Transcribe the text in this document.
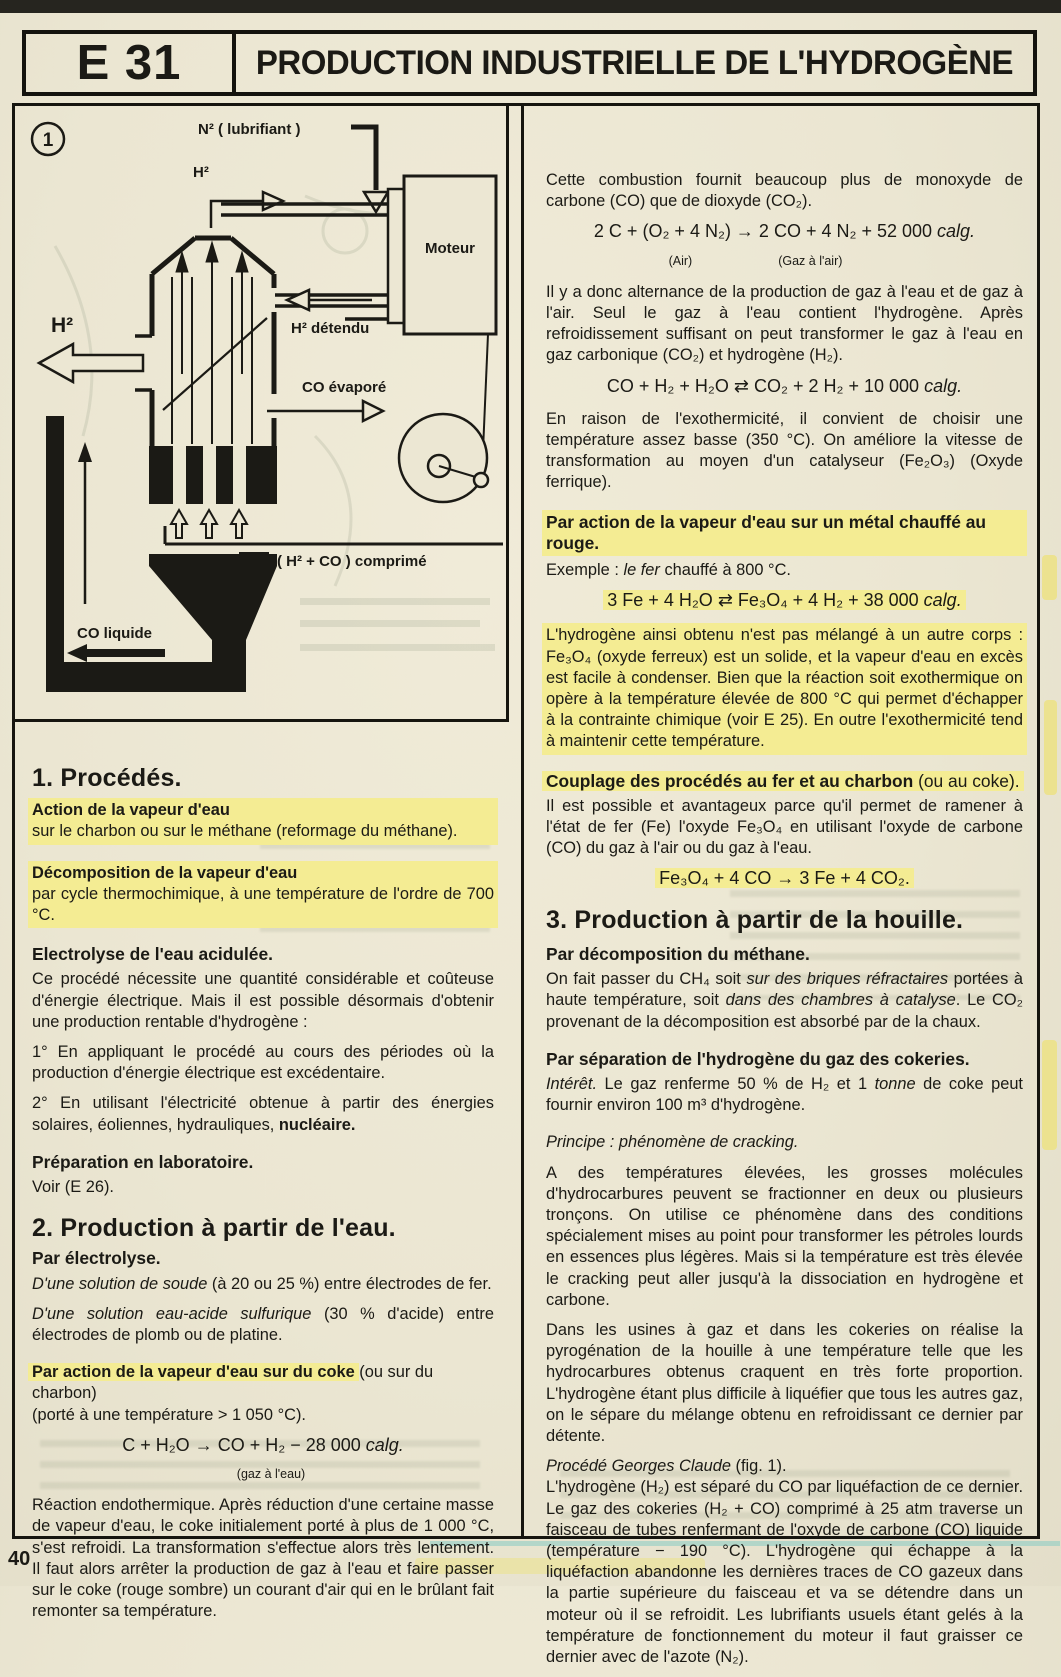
E 31	PRODUCTION INDUSTRIELLE DE L'HYDROGÈNE
1
N² ( lubrifiant )
H²
H²	H² détendu
CO évaporé
( H² + CO ) comprimé
CO liquide
Moteur
1. Procédés.
Action de la vapeur d'eau
sur le charbon ou sur le méthane (reformage du méthane).
Décomposition de la vapeur d'eau
par cycle thermochimique, à une température de l'ordre de 700 °C.
Electrolyse de l'eau acidulée.
Ce procédé nécessite une quantité considérable et coûteuse d'énergie électrique. Mais il est possible désormais d'obtenir une production rentable d'hydrogène :
1° En appliquant le procédé au cours des périodes où la production d'énergie électrique est excédentaire.
2° En utilisant l'électricité obtenue à partir des énergies solaires, éoliennes, hydrauliques, nucléaire.
Préparation en laboratoire.
Voir (E 26).
2. Production à partir de l'eau.
Par électrolyse.
D'une solution de soude (à 20 ou 25 %) entre électrodes de fer.
D'une solution eau-acide sulfurique (30 % d'acide) entre électrodes de plomb ou de platine.
Par action de la vapeur d'eau sur du coke (ou sur du charbon)
(porté à une température > 1 050 °C).
C + H₂O → CO + H₂ − 28 000 calg.
(gaz à l'eau)
Réaction endothermique. Après réduction d'une certaine masse de vapeur d'eau, le coke initialement porté à plus de 1 000 °C, s'est refroidi. La transformation s'effectue alors très lentement. Il faut alors arrêter la production de gaz à l'eau et faire passer sur le coke (rouge sombre) un courant d'air qui en le brûlant fait remonter sa température.
Cette combustion fournit beaucoup plus de monoxyde de carbone (CO) que de dioxyde (CO₂).
2 C + (O₂ + 4 N₂) → 2 CO + 4 N₂ + 52 000 calg.
(Air)	(Gaz à l'air)
Il y a donc alternance de la production de gaz à l'eau et de gaz à l'air. Seul le gaz à l'eau contient l'hydrogène. Après refroidissement suffisant on peut transformer le gaz à l'eau en gaz carbonique (CO₂) et hydrogène (H₂).
CO + H₂ + H₂O ⇄ CO₂ + 2 H₂ + 10 000 calg.
En raison de l'exothermicité, il convient de choisir une température assez basse (350 °C). On améliore la vitesse de transformation au moyen d'un catalyseur (Fe₂O₃) (Oxyde ferrique).
Par action de la vapeur d'eau sur un métal chauffé au rouge.
Exemple : le fer chauffé à 800 °C.
3 Fe + 4 H₂O ⇄ Fe₃O₄ + 4 H₂ + 38 000 calg.
L'hydrogène ainsi obtenu n'est pas mélangé à un autre corps : Fe₃O₄ (oxyde ferreux) est un solide, et la vapeur d'eau en excès est facile à condenser. Bien que la réaction soit exothermique on opère à la température élevée de 800 °C qui permet d'échapper à la contrainte chimique (voir E 25). En outre l'exothermicité tend à maintenir cette température.
Couplage des procédés au fer et au charbon (ou au coke).
Il est possible et avantageux parce qu'il permet de ramener à l'état de fer (Fe) l'oxyde Fe₃O₄ en utilisant l'oxyde de carbone (CO) du gaz à l'air ou du gaz à l'eau.
Fe₃O₄ + 4 CO → 3 Fe + 4 CO₂.
3. Production à partir de la houille.
Par décomposition du méthane.
On fait passer du CH₄ soit sur des briques réfractaires portées à haute température, soit dans des chambres à catalyse. Le CO₂ provenant de la décomposition est absorbé par de la chaux.
Par séparation de l'hydrogène du gaz des cokeries.
Intérêt. Le gaz renferme 50 % de H₂ et 1 tonne de coke peut fournir environ 100 m³ d'hydrogène.
Principe : phénomène de cracking.
A des températures élevées, les grosses molécules d'hydrocarbures peuvent se fractionner en deux ou plusieurs tronçons. On utilise ce phénomène dans des conditions spécialement mises au point pour transformer les pétroles lourds en essences plus légères. Mais si la température est très élevée le cracking peut aller jusqu'à la dissociation en hydrogène et carbone.
Dans les usines à gaz et dans les cokeries on réalise la pyrogénation de la houille à une température telle que les hydrocarbures obtenus craquent en très forte proportion. L'hydrogène étant plus difficile à liquéfier que tous les autres gaz, on le sépare du mélange obtenu en refroidissant ce dernier par détente.
Procédé Georges Claude (fig. 1).
L'hydrogène (H₂) est séparé du CO par liquéfaction de ce dernier. Le gaz des cokeries (H₂ + CO) comprimé à 25 atm traverse un faisceau de tubes renfermant de l'oxyde de carbone (CO) liquide (température − 190 °C). L'hydrogène qui échappe à la liquéfaction abandonne les dernières traces de CO gazeux dans la partie supérieure du faisceau et va se détendre dans un moteur où il se refroidit. Les lubrifiants usuels étant gelés à la température de fonctionnement du moteur il faut graisser ce dernier avec de l'azote (N₂).
40
